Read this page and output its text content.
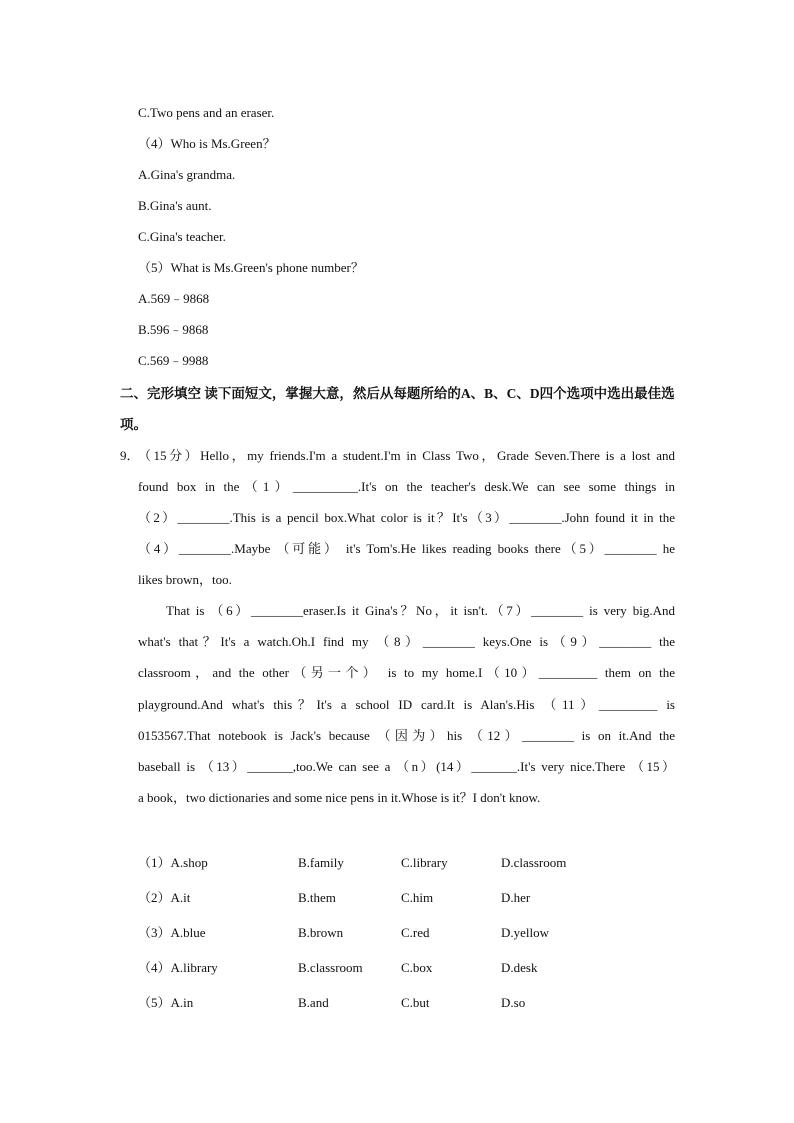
C.Two pens and an eraser.
（4）Who is Ms.Green？
A.Gina's grandma.
B.Gina's aunt.
C.Gina's teacher.
（5）What is Ms.Green's phone number？
A.569﹣9868
B.596﹣9868
C.569﹣9988
二、完形填空 读下面短文，掌握大意，然后从每题所给的A、B、C、D四个选项中选出最佳选项。
9．
（15分）Hello，my friends.I'm a student.I'm in Class Two，Grade Seven.There is a lost and
found box in the（1）__________.It's on the teacher's desk.We can see some things in
（2）________.This is a pencil box.What color is it？It's（3）________.John found it in the
（4）________.Maybe （可能） it's Tom's.He likes reading books there（5）________ he
likes brown，too.
That is （6）________eraser.Is it Gina's？No，it isn't.（7）________ is very big.And
what's that？It's a watch.Oh.I find my （8）________ keys.One is（9）________ the
classroom，and the other（另一个） is to my home.I（10）_________ them on the
playground.And what's this？It's a school ID card.It is Alan's.His （11）_________ is
0153567.That notebook is Jack's because （因为）his （12）________ is on it.And the
baseball is （13）_______,too.We can see a （n）(14）_______.It's very nice.There （15）
a book，two dictionaries and some nice pens in it.Whose is it？I don't know.
（1）A.shop	B.family	C.library	D.classroom
（2）A.it	B.them	C.him	D.her
（3）A.blue	B.brown	C.red	D.yellow
（4）A.library	B.classroom	C.box	D.desk
（5）A.in	B.and	C.but	D.so
